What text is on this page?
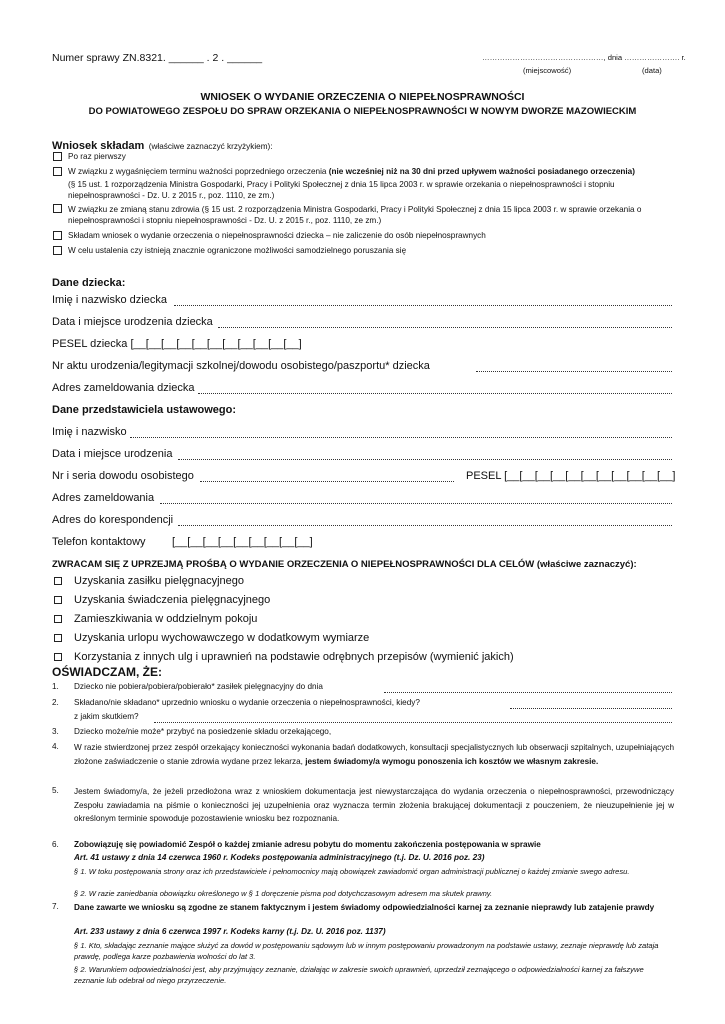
Numer sprawy ZN.8321. ______ . 2 . ______	…………………………………………, dnia …………………. r.
(miejscowość)	(data)
WNIOSEK O WYDANIE ORZECZENIA O NIEPEŁNOSPRAWNOŚCI
DO POWIATOWEGO ZESPOŁU DO SPRAW ORZEKANIA O NIEPEŁNOSPRAWNOŚCI W NOWYM DWORZE MAZOWIECKIM
Wniosek składam (właściwe zaznaczyć krzyżykiem):
Po raz pierwszy
W związku z wygaśnięciem terminu ważności poprzedniego orzeczenia (nie wcześniej niż na 30 dni przed upływem ważności posiadanego orzeczenia)
(§ 15 ust. 1 rozporządzenia Ministra Gospodarki, Pracy i Polityki Społecznej z dnia 15 lipca 2003 r. w sprawie orzekania o niepełnosprawności i stopniu niepełnosprawności - Dz. U. z 2015 r., poz. 1110, ze zm.)
W związku ze zmianą stanu zdrowia (§ 15 ust. 2 rozporządzenia Ministra Gospodarki, Pracy i Polityki Społecznej z dnia 15 lipca 2003 r. w sprawie orzekania o niepełnosprawności i stopniu niepełnosprawności - Dz. U. z 2015 r., poz. 1110, ze zm.)
Składam wniosek o wydanie orzeczenia o niepełnosprawności dziecka – nie zaliczenie do osób niepełnosprawnych
W celu ustalenia czy istnieją znacznie ograniczone możliwości samodzielnego poruszania się
Dane dziecka:
Imię i nazwisko dziecka
Data i miejsce urodzenia dziecka
PESEL dziecka [__[__[__[__[__[__[__[__[__[__[__]
Nr aktu urodzenia/legitymacji szkolnej/dowodu osobistego/paszportu* dziecka
Adres zameldowania dziecka
Dane przedstawiciela ustawowego:
Imię i nazwisko
Data i miejsce urodzenia
Nr i seria dowodu osobistego	PESEL [__[__[__[__[__[__[__[__[__[__[__]
Adres zameldowania
Adres do korespondencji
Telefon kontaktowy [__[__[__[__[__[__[__[__[__]
ZWRACAM SIĘ Z UPRZEJMĄ PROŚBĄ O WYDANIE ORZECZENIA O NIEPEŁNOSPRAWNOŚCI DLA CELÓW (właściwe zaznaczyć):
Uzyskania zasiłku pielęgnacyjnego
Uzyskania świadczenia pielęgnacyjnego
Zamieszkiwania w oddzielnym pokoju
Uzyskania urlopu wychowawczego w dodatkowym wymiarze
Korzystania z innych ulg i uprawnień na podstawie odrębnych przepisów (wymienić jakich)
OŚWIADCZAM, ŻE:
1. Dziecko nie pobiera/pobiera/pobierało* zasiłek pielęgnacyjny do dnia
2. Składano/nie składano* uprzednio wniosku o wydanie orzeczenia o niepełnosprawności, kiedy?
z jakim skutkiem?
3. Dziecko może/nie może* przybyć na posiedzenie składu orzekającego,
4. W razie stwierdzonej przez zespół orzekający konieczności wykonania badań dodatkowych, konsultacji specjalistycznych lub obserwacji szpitalnych, uzupełniających złożone zaświadczenie o stanie zdrowia wydane przez lekarza, jestem świadomy/a wymogu ponoszenia ich kosztów we własnym zakresie.
5. Jestem świadomy/a, że jeżeli przedłożona wraz z wnioskiem dokumentacja jest niewystarczająca do wydania orzeczenia o niepełnosprawności, przewodniczący Zespołu zawiadamia na piśmie o konieczności jej uzupełnienia oraz wyznacza termin złożenia brakującej dokumentacji z pouczeniem, że nieuzupełnienie jej w określonym terminie spowoduje pozostawienie wniosku bez rozpoznania.
6. Zobowiązuję się powiadomić Zespół o każdej zmianie adresu pobytu do momentu zakończenia postępowania w sprawie
Art. 41 ustawy z dnia 14 czerwca 1960 r. Kodeks postępowania administracyjnego (t.j. Dz. U. 2016 poz. 23)
§ 1. W toku postępowania strony oraz ich przedstawiciele i pełnomocnicy mają obowiązek zawiadomić organ administracji publicznej o każdej zmianie swego adresu.
§ 2. W razie zaniedbania obowiązku określonego w § 1 doręczenie pisma pod dotychczasowym adresem ma skutek prawny.
7. Dane zawarte we wniosku są zgodne ze stanem faktycznym i jestem świadomy odpowiedzialności karnej za zeznanie nieprawdy lub zatajenie prawdy
Art. 233 ustawy z dnia 6 czerwca 1997 r. Kodeks karny (t.j. Dz. U. 2016 poz. 1137)
§ 1. Kto, składając zeznanie mające służyć za dowód w postępowaniu sądowym lub w innym postępowaniu prowadzonym na podstawie ustawy, zeznaje nieprawdę lub zataja prawdę, podlega karze pozbawienia wolności do lat 3.
§ 2. Warunkiem odpowiedzialności jest, aby przyjmujący zeznanie, działając w zakresie swoich uprawnień, uprzedził zeznającego o odpowiedzialności karnej za fałszywe zeznanie lub odebrał od niego przyrzeczenie.
